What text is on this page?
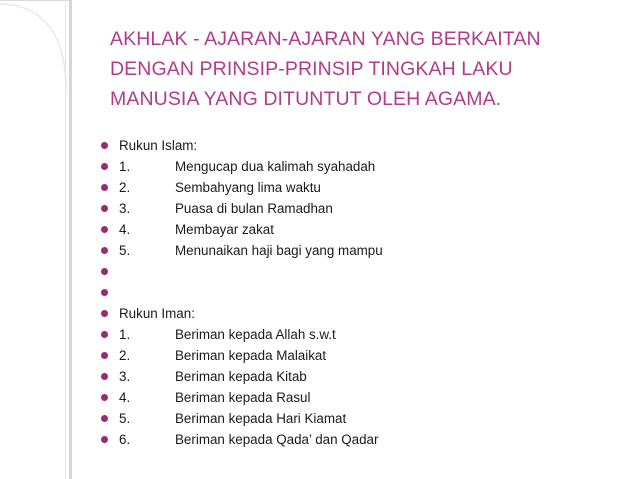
AKHLAK - AJARAN-AJARAN YANG BERKAITAN
DENGAN PRINSIP-PRINSIP TINGKAH LAKU
MANUSIA YANG DITUNTUT OLEH AGAMA.
Rukun Islam:
1.	Mengucap dua kalimah syahadah
2.	Sembahyang lima waktu
3.	Puasa di bulan Ramadhan
4.	Membayar zakat
5.	Menunaikan haji bagi yang mampu
Rukun Iman:
1.	Beriman kepada Allah s.w.t
2.	Beriman kepada Malaikat
3.	Beriman kepada Kitab
4.	Beriman kepada Rasul
5.	Beriman kepada Hari Kiamat
6.	Beriman kepada Qada’ dan Qadar
